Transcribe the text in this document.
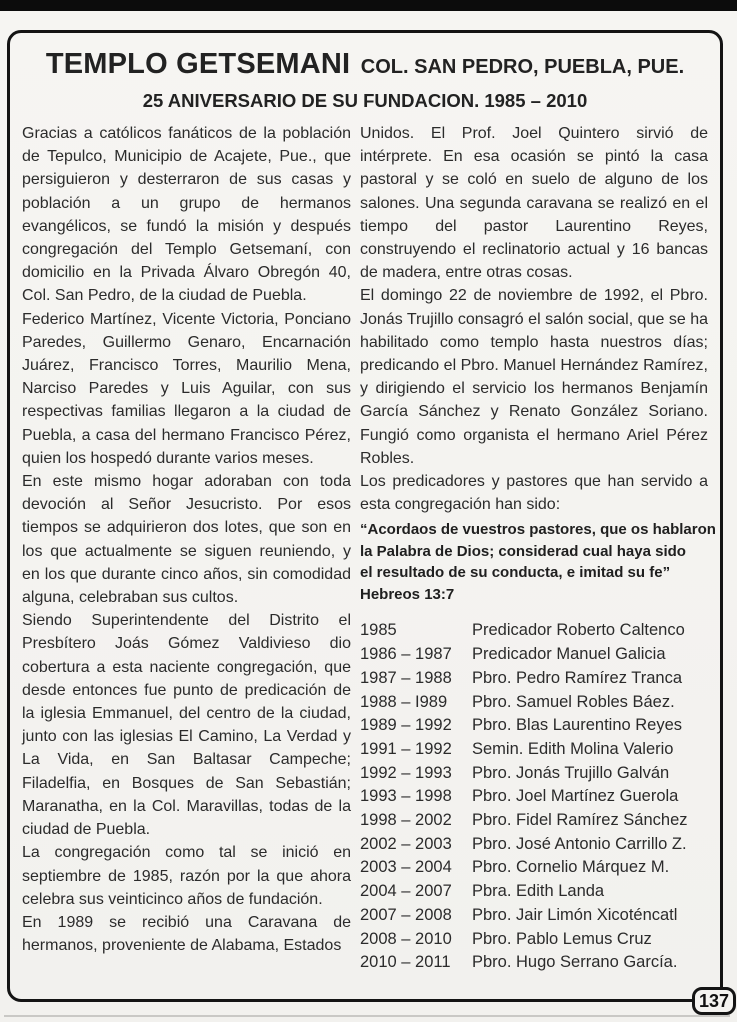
TEMPLO GETSEMANI COL. SAN PEDRO, PUEBLA, PUE.
25 ANIVERSARIO DE SU FUNDACION. 1985 – 2010

Gracias a católicos fanáticos de la población de Tepulco, Municipio de Acajete, Pue., que persiguieron y desterraron de sus casas y población a un grupo de hermanos evangélicos, se fundó la misión y después congregación del Templo Getsemaní, con domicilio en la Privada Álvaro Obregón 40, Col. San Pedro, de la ciudad de Puebla.

Federico Martínez, Vicente Victoria, Ponciano Paredes, Guillermo Genaro, Encarnación Juárez, Francisco Torres, Maurilio Mena, Narciso Paredes y Luis Aguilar, con sus respectivas familias llegaron a la ciudad de Puebla, a casa del hermano Francisco Pérez, quien los hospedó durante varios meses.

En este mismo hogar adoraban con toda devoción al Señor Jesucristo. Por esos tiempos se adquirieron dos lotes, que son en los que actualmente se siguen reuniendo, y en los que durante cinco años, sin comodidad alguna, celebraban sus cultos.

Siendo Superintendente del Distrito el Presbítero Joás Gómez Valdivieso dio cobertura a esta naciente congregación, que desde entonces fue punto de predicación de la iglesia Emmanuel, del centro de la ciudad, junto con las iglesias El Camino, La Verdad y La Vida, en San Baltasar Campeche; Filadelfia, en Bosques de San Sebastián; Maranatha, en la Col. Maravillas, todas de la ciudad de Puebla.

La congregación como tal se inició en septiembre de 1985, razón por la que ahora celebra sus veinticinco años de fundación.

En 1989 se recibió una Caravana de hermanos, proveniente de Alabama, Estados

Unidos. El Prof. Joel Quintero sirvió de intérprete. En esa ocasión se pintó la casa pastoral y se coló en suelo de alguno de los salones. Una segunda caravana se realizó en el tiempo del pastor Laurentino Reyes, construyendo el reclinatorio actual y 16 bancas de madera, entre otras cosas.

El domingo 22 de noviembre de 1992, el Pbro. Jonás Trujillo consagró el salón social, que se ha habilitado como templo hasta nuestros días; predicando el Pbro. Manuel Hernández Ramírez, y dirigiendo el servicio los hermanos Benjamín García Sánchez y Renato González Soriano. Fungió como organista el hermano Ariel Pérez Robles.

Los predicadores y pastores que han servido a esta congregación han sido:

“Acordaos de vuestros pastores, que os hablaron
la Palabra de Dios; considerad cual haya sido
el resultado de su conducta, e imitad su fe”
Hebreos 13:7
1985	Predicador Roberto Caltenco
1986 – 1987	Predicador Manuel Galicia
1987 – 1988	Pbro. Pedro Ramírez Tranca
1988 – I989	Pbro. Samuel Robles Báez.
1989 – 1992	Pbro. Blas Laurentino Reyes
1991 – 1992	Semin. Edith Molina Valerio
1992 – 1993	Pbro. Jonás Trujillo Galván
1993 – 1998	Pbro. Joel Martínez Guerola
1998 – 2002	Pbro. Fidel Ramírez Sánchez
2002 – 2003	Pbro. José Antonio Carrillo Z.
2003 – 2004	Pbro. Cornelio Márquez M.
2004 – 2007	Pbra. Edith Landa
2007 – 2008	Pbro. Jair Limón Xicoténcatl
2008 – 2010	Pbro. Pablo Lemus Cruz
2010 – 2011	Pbro. Hugo Serrano García.
137
